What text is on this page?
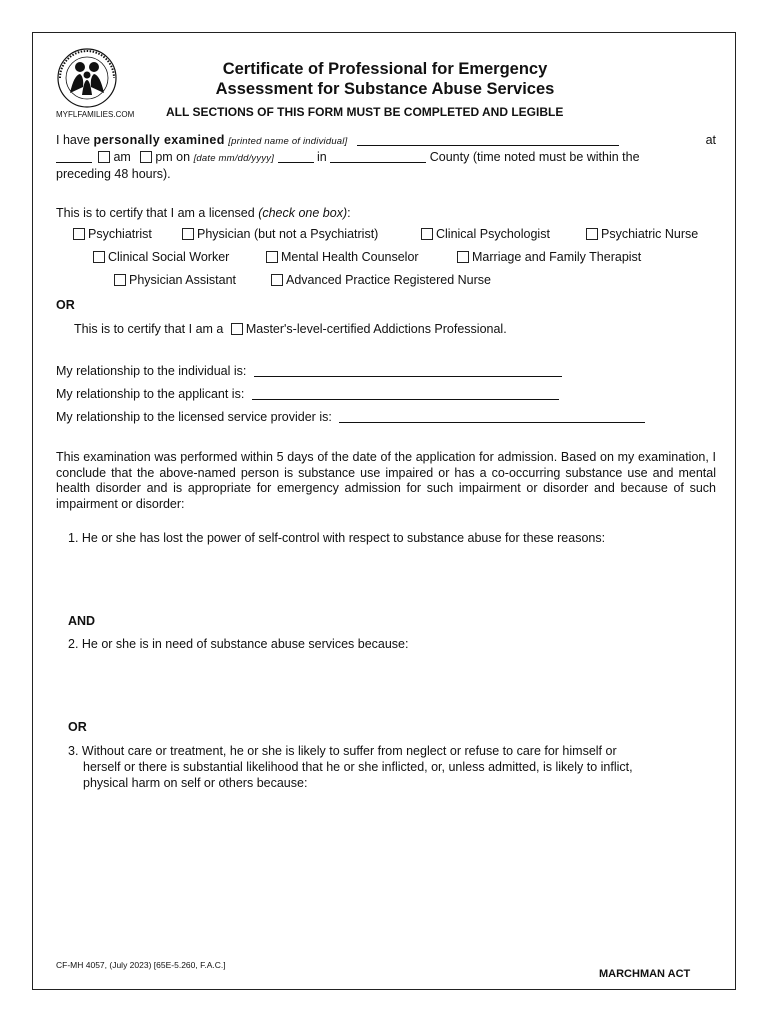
MYFLFAMILIES.COM
Certificate of Professional for Emergency
Assessment for Substance Abuse Services
ALL SECTIONS OF THIS FORM MUST BE COMPLETED AND LEGIBLE
I have personally examined [printed name of individual]	at
am pm on [date mm/dd/yyyy]	in	County (time noted must be within the
preceding 48 hours).
This is to certify that I am a licensed (check one box):
Psychiatrist	Physician (but not a Psychiatrist)	Clinical Psychologist	Psychiatric Nurse
Clinical Social Worker	Mental Health Counselor	Marriage and Family Therapist
Physician Assistant	Advanced Practice Registered Nurse
OR
This is to certify that I am a Master's-level-certified Addictions Professional.
My relationship to the individual is:
My relationship to the applicant is:
My relationship to the licensed service provider is:
This examination was performed within 5 days of the date of the application for admission. Based on my examination, I conclude that the above-named person is substance use impaired or has a co-occurring substance use and mental health disorder and is appropriate for emergency admission for such impairment or disorder and because of such impairment or disorder:
1. He or she has lost the power of self-control with respect to substance abuse for these reasons:
AND
2. He or she is in need of substance abuse services because:
OR
3. Without care or treatment, he or she is likely to suffer from neglect or refuse to care for himself or
herself or there is substantial likelihood that he or she inflicted, or, unless admitted, is likely to inflict,
physical harm on self or others because:
CF-MH 4057, (July 2023) [65E-5.260, F.A.C.]
MARCHMAN ACT
